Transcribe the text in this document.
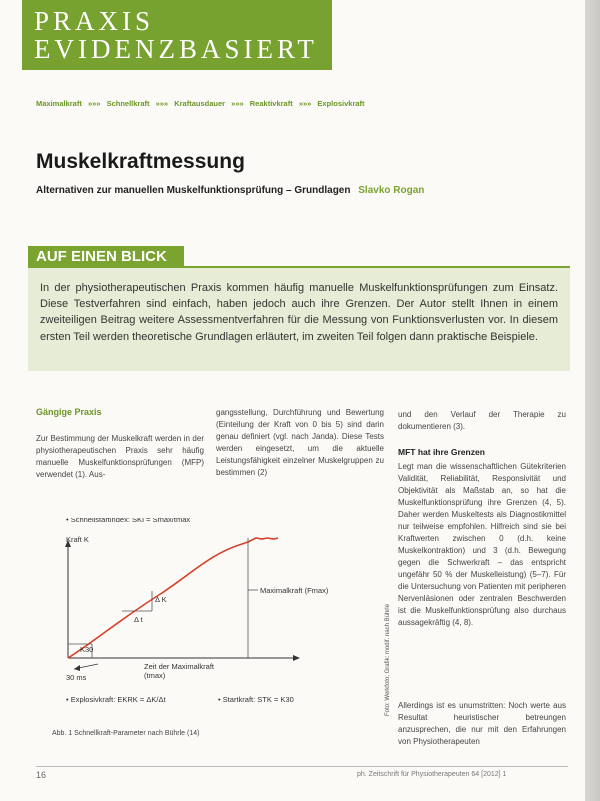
PRAXIS
EVIDENZBASIERT
Maximalkraft »»» Schnellkraft »»» Kraftausdauer »»» Reaktivkraft »»» Explosivkraft
Muskelkraftmessung
Alternativen zur manuellen Muskelfunktionsprüfung – Grundlagen Slavko Rogan
AUF EINEN BLICK
In der physiotherapeutischen Praxis kommen häufig manuelle Muskelfunktionsprüfungen zum Einsatz. Diese Testverfahren sind einfach, haben jedoch auch ihre Grenzen. Der Autor stellt Ihnen in einem zweiteiligen Beitrag weitere Assessmentverfahren für die Messung von Funktionsverlusten vor. In diesem ersten Teil werden theoretische Grundlagen erläutert, im zweiten Teil folgen dann praktische Beispiele.
Gängige Praxis
Zur Bestimmung der Muskelkraft werden in der physiotherapeutischen Praxis sehr häufig manuelle Muskelfunktionsprüfungen (MFP) verwendet (1). Aus-
gangsstellung, Durchführung und Bewertung (Einteilung der Kraft von 0 bis 5) sind darin genau definiert (vgl. nach Janda). Diese Tests werden eingesetzt, um die aktuelle Leistungsfähigkeit einzelner Muskelgruppen zu bestimmen (2)
und den Verlauf der Therapie zu dokumentieren (3).
MFT hat ihre Grenzen
Legt man die wissenschaftlichen Gütekriterien Validität, Reliabilität, Responsivität und Objektivität als Maßstab an, so hat die Muskelfunktionsprüfung ihre Grenzen (4, 5). Daher werden Muskeltests als Diagnostikmittel nur teilweise empfohlen. Hilfreich sind sie bei Kraftwerten zwischen 0 (d.h. keine Muskelkontraktion) und 3 (d.h. Bewegung gegen die Schwerkraft – das entspricht ungefähr 50 % der Muskelleistung) (5–7). Für die Untersuchung von Patienten mit peripheren Nervenläsionen oder zentralen Beschwerden ist die Muskelfunktionsprüfung also durchaus aussagekräftig (4, 8).
Allerdings ist es unumstritten: Noch werte aus Resultat heuristischer betreungen anzusprechen, die nur mit den Erfahrungen von Physiotherapeuten
• Schnellstartindex: SKI = Smax/tmax
Kraft K
Δ K
Δ t
K30
Maximalkraft (Fmax)
Zeit der Maximalkraft
(tmax)
30 ms
• Explosivkraft: EKRK = ΔK/Δt	• Startkraft: STK = K30
Abb. 1 Schnellkraft-Parameter nach Bührle (14)
Foto: Werkfoto; Grafik: modif. nach Bührle
16	ph. Zeitschrift für Physiotherapeuten 64 [2012] 1
